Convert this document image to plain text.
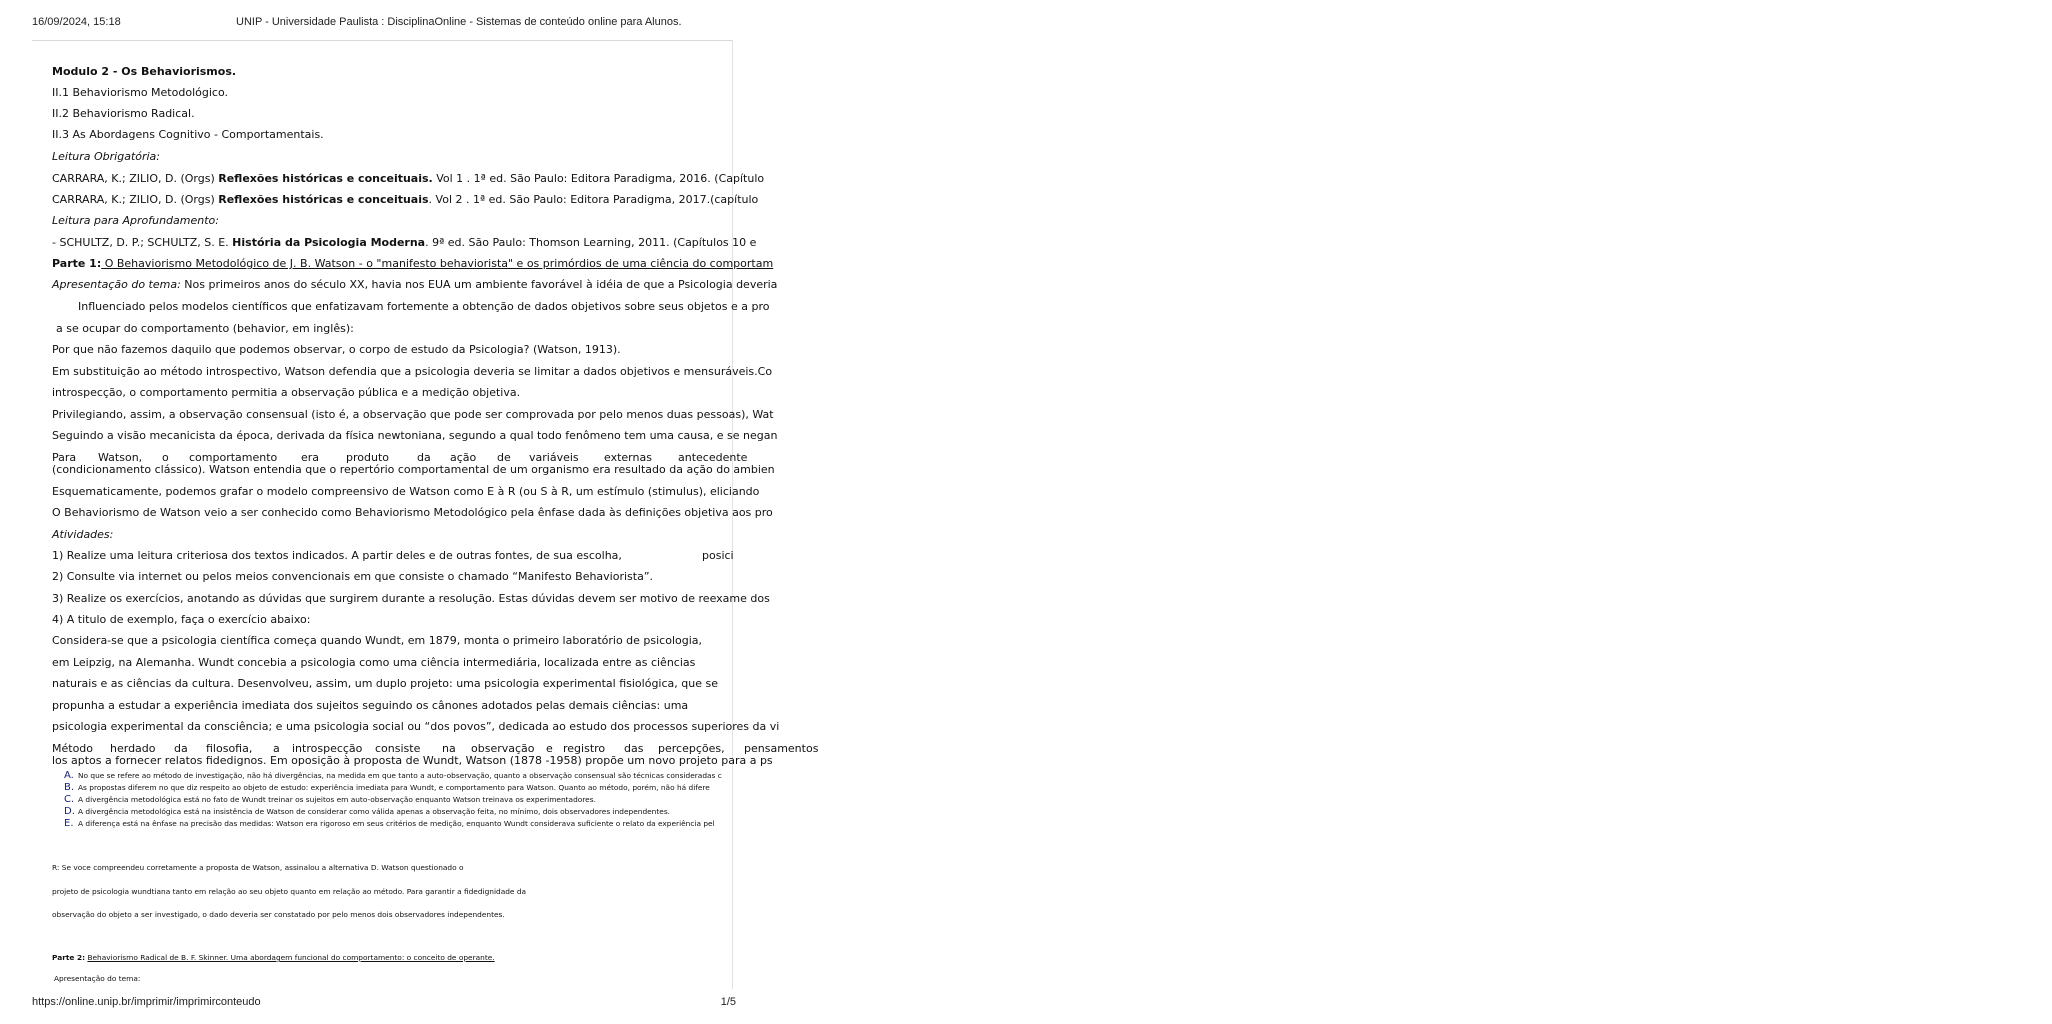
16/09/2024, 15:18	UNIP - Universidade Paulista : DisciplinaOnline - Sistemas de conteúdo online para Alunos.
Modulo 2 - Os Behaviorismos.
II.1 Behaviorismo Metodológico.
II.2 Behaviorismo Radical.
II.3 As Abordagens Cognitivo - Comportamentais.
Leitura Obrigatória:
CARRARA, K.; ZILIO, D. (Orgs) Reflexões históricas e conceituais. Vol 1 . 1ª ed. São Paulo: Editora Paradigma, 2016. (Capítulo
CARRARA, K.; ZILIO, D. (Orgs) Reflexões históricas e conceituais. Vol 2 . 1ª ed. São Paulo: Editora Paradigma, 2017.(capítulo
Leitura para Aprofundamento:
- SCHULTZ, D. P.; SCHULTZ, S. E. História da Psicologia Moderna. 9ª ed. São Paulo: Thomson Learning, 2011. (Capítulos 10 e
Parte 1: O Behaviorismo Metodológico de J. B. Watson - o "manifesto behaviorista" e os primórdios de uma ciência do comportam
Apresentação do tema: Nos primeiros anos do século XX, havia nos EUA um ambiente favorável à idéia de que a Psicologia deveria
Influenciado pelos modelos científicos que enfatizavam fortemente a obtenção de dados objetivos sobre seus objetos e a pro
a se ocupar do comportamento (behavior, em inglês):
Por que não fazemos daquilo que podemos observar, o corpo de estudo da Psicologia? (Watson, 1913).
Em substituição ao método introspectivo, Watson defendia que a psicologia deveria se limitar a dados objetivos e mensuráveis.Co
introspecção, o comportamento permitia a observação pública e a medição objetiva.
Privilegiando, assim, a observação consensual (isto é, a observação que pode ser comprovada por pelo menos duas pessoas), Wat
Seguindo a visão mecanicista da época, derivada da física newtoniana, segundo a qual todo fenômeno tem uma causa, e se negan
Para Watson, o comportamento era produto	da ação de variáveis externas antecedente
(condicionamento clássico). Watson entendia que o repertório comportamental de um organismo era resultado da ação do ambien
Esquematicamente, podemos grafar o modelo compreensivo de Watson como E à R (ou S à R, um estímulo (stimulus), eliciando
O Behaviorismo de Watson veio a ser conhecido como Behaviorismo Metodológico pela ênfase dada às definições objetiva aos pro
Atividades:
1) Realize uma leitura criteriosa dos textos indicados. A partir deles e de outras fontes, de sua escolha,	posici
2) Consulte via internet ou pelos meios convencionais em que consiste o chamado “Manifesto Behaviorista”.
3) Realize os exercícios, anotando as dúvidas que surgirem durante a resolução. Estas dúvidas devem ser motivo de reexame dos
4) A titulo de exemplo, faça o exercício abaixo:
Considera-se que a psicologia científica começa quando Wundt, em 1879, monta o primeiro laboratório de psicologia,
em Leipzig, na Alemanha. Wundt concebia a psicologia como uma ciência intermediária, localizada entre as ciências
naturais e as ciências da cultura. Desenvolveu, assim, um duplo projeto: uma psicologia experimental fisiológica, que se
propunha a estudar a experiência imediata dos sujeitos seguindo os cânones adotados pelas demais ciências: uma
psicologia experimental da consciência; e uma psicologia social ou “dos povos”, dedicada ao estudo dos processos superiores da vi
Método herdado da filosofia, a introspecção consiste na observação e registro das percepções, pensamentos
los aptos a fornecer relatos fidedignos. Em oposição à proposta de Wundt, Watson (1878 -1958) propõe um novo projeto para a ps
A. No que se refere ao método de investigação, não há divergências, na medida em que tanto a auto-observação, quanto a observação consensual são técnicas consideradas c
B. As propostas diferem no que diz respeito ao objeto de estudo: experiência imediata para Wundt, e comportamento para Watson. Quanto ao método, porém, não há difere
C. A divergência metodológica está no fato de Wundt treinar os sujeitos em auto-observação enquanto Watson treinava os experimentadores.
D. A divergência metodológica está na insistência de Watson de considerar como válida apenas a observação feita, no mínimo, dois observadores independentes.
E. A diferença está na ênfase na precisão das medidas: Watson era rigoroso em seus critérios de medição, enquanto Wundt considerava suficiente o relato da experiência pel
R: Se voce compreendeu corretamente a proposta de Watson, assinalou a alternativa D. Watson questionado o
projeto de psicologia wundtiana tanto em relação ao seu objeto quanto em relação ao método. Para garantir a fidedignidade da
observação do objeto a ser investigado, o dado deveria ser constatado por pelo menos dois observadores independentes.
Parte 2: Behaviorismo Radical de B. F. Skinner. Uma abordagem funcional do comportamento: o conceito de operante.
Apresentação do tema:
https://online.unip.br/imprimir/imprimirconteudo	1/5
